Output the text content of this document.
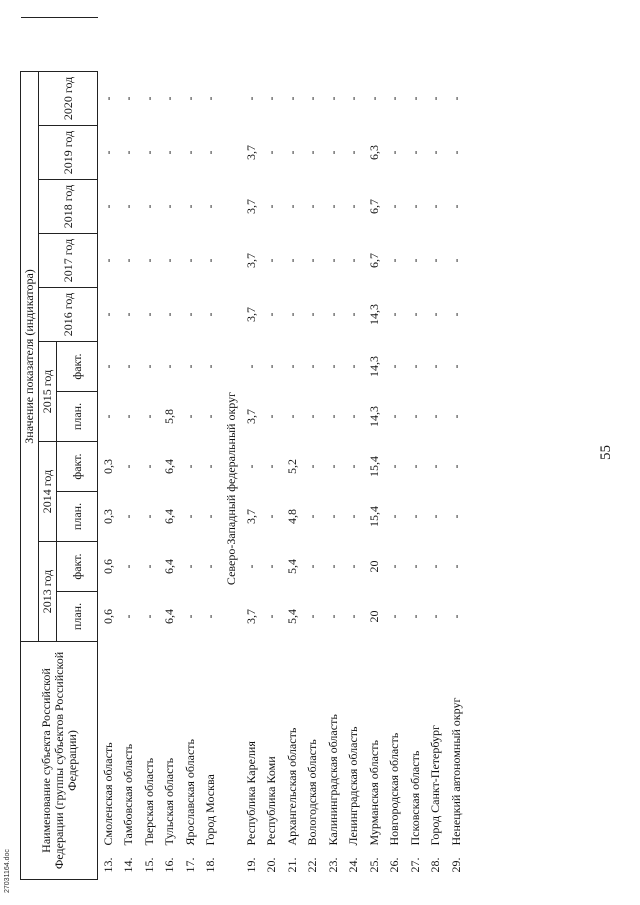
27031164.doc
Наименование субъекта Российской Федерации (группы субъектов Российской Федерации)		Значение показателя (индикатора)											
		2013 год		2014 год		2015 год		2016 год	2017 год	2018 год	2019 год	2020 год	
		план.	факт.	план.	факт.	план.	факт.						
13.	Смоленская область	0,6	0,6	0,3	0,3	-	-	-	-	-	-	-	
14.	Тамбовская область	-	-	-	-	-	-	-	-	-	-	-	
15.	Тверская область	-	-	-	-	-	-	-	-	-	-	-	
16.	Тульская область	6,4	6,4	6,4	6,4	5,8	-	-	-	-	-	-	
17.	Ярославская область	-	-	-	-	-	-	-	-	-	-	-	
18.	Город Москва	-	-	-	-	-	-	-	-	-	-	-	
	Северо-Западный федеральный округ												
19.	Республика Карелия	3,7	-	3,7	-	3,7	-	3,7	3,7	3,7	3,7	-	
20.	Республика Коми	-	-	-	-	-	-	-	-	-	-	-	
21.	Архангельская область	5,4	5,4	4,8	5,2	-	-	-	-	-	-	-	
22.	Вологодская область	-	-	-	-	-	-	-	-	-	-	-	
23.	Калининградская область	-	-	-	-	-	-	-	-	-	-	-	
24.	Ленинградская область	-	-	-	-	-	-	-	-	-	-	-	
25.	Мурманская область	20	20	15,4	15,4	14,3	14,3	14,3	6,7	6,7	6,3	-	
26.	Новгородская область	-	-	-	-	-	-	-	-	-	-	-	
27.	Псковская область	-	-	-	-	-	-	-	-	-	-	-	
28.	Город Санкт-Петербург	-	-	-	-	-	-	-	-	-	-	-	
29.	Ненецкий автономный округ	-	-	-	-	-	-	-	-	-	-	-	
55
